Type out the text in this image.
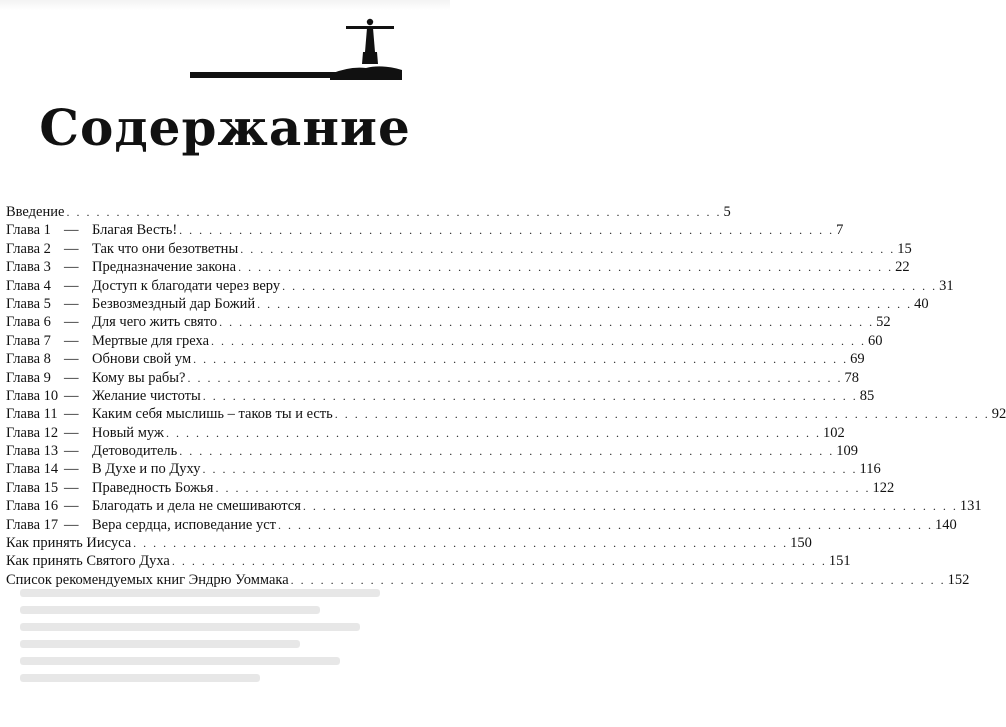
Содержание
Введение . . . . . . . . . . . . . . . . . . . . . . . . . . . . . . . . . . . . . . . . . . . . . . . . . . . . . . . . . . . . . . . . . . 5
Глава 1 — Благая Весть! . . . . . . . . . . . . . . . . . . . . . . . . . . . . . . . . . . . . . . . . . . . . . . . . . . . . . . . . . . . . . . . . . . 7
Глава 2 — Так что они безответны . . . . . . . . . . . . . . . . . . . . . . . . . . . . . . . . . . . . . . . . . . . . . . . . . . . . . . . . . . . . . . . . . . 15
Глава 3 — Предназначение закона . . . . . . . . . . . . . . . . . . . . . . . . . . . . . . . . . . . . . . . . . . . . . . . . . . . . . . . . . . . . . . . . . . 22
Глава 4 — Доступ к благодати через веру . . . . . . . . . . . . . . . . . . . . . . . . . . . . . . . . . . . . . . . . . . . . . . . . . . . . . . . . . . . . . . . . . . 31
Глава 5 — Безвозмездный дар Божий . . . . . . . . . . . . . . . . . . . . . . . . . . . . . . . . . . . . . . . . . . . . . . . . . . . . . . . . . . . . . . . . . . 40
Глава 6 — Для чего жить свято . . . . . . . . . . . . . . . . . . . . . . . . . . . . . . . . . . . . . . . . . . . . . . . . . . . . . . . . . . . . . . . . . . 52
Глава 7 — Мертвые для греха . . . . . . . . . . . . . . . . . . . . . . . . . . . . . . . . . . . . . . . . . . . . . . . . . . . . . . . . . . . . . . . . . . 60
Глава 8 — Обнови свой ум . . . . . . . . . . . . . . . . . . . . . . . . . . . . . . . . . . . . . . . . . . . . . . . . . . . . . . . . . . . . . . . . . . 69
Глава 9 — Кому вы рабы? . . . . . . . . . . . . . . . . . . . . . . . . . . . . . . . . . . . . . . . . . . . . . . . . . . . . . . . . . . . . . . . . . . 78
Глава 10 — Желание чистоты . . . . . . . . . . . . . . . . . . . . . . . . . . . . . . . . . . . . . . . . . . . . . . . . . . . . . . . . . . . . . . . . . . 85
Глава 11 — Каким себя мыслишь – таков ты и есть . . . . . . . . . . . . . . . . . . . . . . . . . . . . . . . . . . . . . . . . . . . . . . . . . . . . . . . . . . . . . . . . . . 92
Глава 12 — Новый муж . . . . . . . . . . . . . . . . . . . . . . . . . . . . . . . . . . . . . . . . . . . . . . . . . . . . . . . . . . . . . . . . . . 102
Глава 13 — Детоводитель . . . . . . . . . . . . . . . . . . . . . . . . . . . . . . . . . . . . . . . . . . . . . . . . . . . . . . . . . . . . . . . . . . 109
Глава 14 — В Духе и по Духу . . . . . . . . . . . . . . . . . . . . . . . . . . . . . . . . . . . . . . . . . . . . . . . . . . . . . . . . . . . . . . . . . . 116
Глава 15 — Праведность Божья . . . . . . . . . . . . . . . . . . . . . . . . . . . . . . . . . . . . . . . . . . . . . . . . . . . . . . . . . . . . . . . . . . 122
Глава 16 — Благодать и дела не смешиваются . . . . . . . . . . . . . . . . . . . . . . . . . . . . . . . . . . . . . . . . . . . . . . . . . . . . . . . . . . . . . . . . . . 131
Глава 17 — Вера сердца, исповедание уст . . . . . . . . . . . . . . . . . . . . . . . . . . . . . . . . . . . . . . . . . . . . . . . . . . . . . . . . . . . . . . . . . . 140
Как принять Иисуса . . . . . . . . . . . . . . . . . . . . . . . . . . . . . . . . . . . . . . . . . . . . . . . . . . . . . . . . . . . . . . . . . . 150
Как принять Святого Духа . . . . . . . . . . . . . . . . . . . . . . . . . . . . . . . . . . . . . . . . . . . . . . . . . . . . . . . . . . . . . . . . . . 151
Список рекомендуемых книг Эндрю Уоммака . . . . . . . . . . . . . . . . . . . . . . . . . . . . . . . . . . . . . . . . . . . . . . . . . . . . . . . . . . . . . . . . . . 152
